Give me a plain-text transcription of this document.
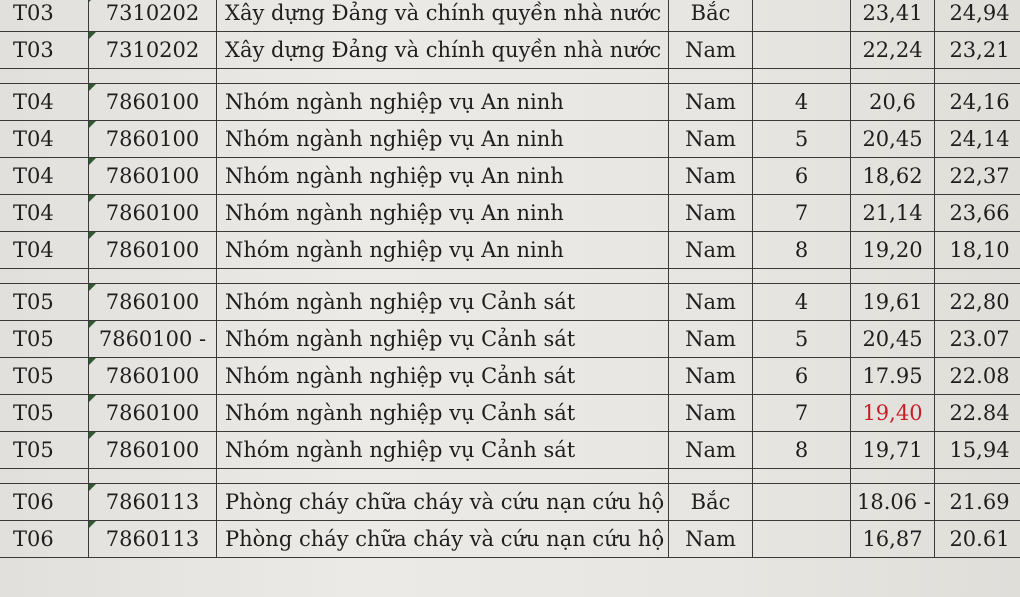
T03	7310202	Xây dựng Đảng và chính quyền nhà nước	Bắc		23,41	24,94	
T03	7310202	Xây dựng Đảng và chính quyền nhà nước	Nam		22,24	23,21	

T04	7860100	Nhóm ngành nghiệp vụ An ninh	Nam	4	20,6	24,16	
T04	7860100	Nhóm ngành nghiệp vụ An ninh	Nam	5	20,45	24,14	
T04	7860100	Nhóm ngành nghiệp vụ An ninh	Nam	6	18,62	22,37	
T04	7860100	Nhóm ngành nghiệp vụ An ninh	Nam	7	21,14	23,66	
T04	7860100	Nhóm ngành nghiệp vụ An ninh	Nam	8	19,20	18,10	

T05	7860100	Nhóm ngành nghiệp vụ Cảnh sát	Nam	4	19,61	22,80	
T05	7860100 -	Nhóm ngành nghiệp vụ Cảnh sát	Nam	5	20,45	23.07	
T05	7860100	Nhóm ngành nghiệp vụ Cảnh sát	Nam	6	17.95	22.08	
T05	7860100	Nhóm ngành nghiệp vụ Cảnh sát	Nam	7	19,40	22.84	
T05	7860100	Nhóm ngành nghiệp vụ Cảnh sát	Nam	8	19,71	15,94	

T06	7860113	Phòng cháy chữa cháy và cứu nạn cứu hộ	Bắc		18.06 -	21.69	
T06	7860113	Phòng cháy chữa cháy và cứu nạn cứu hộ	Nam		16,87	20.61	
